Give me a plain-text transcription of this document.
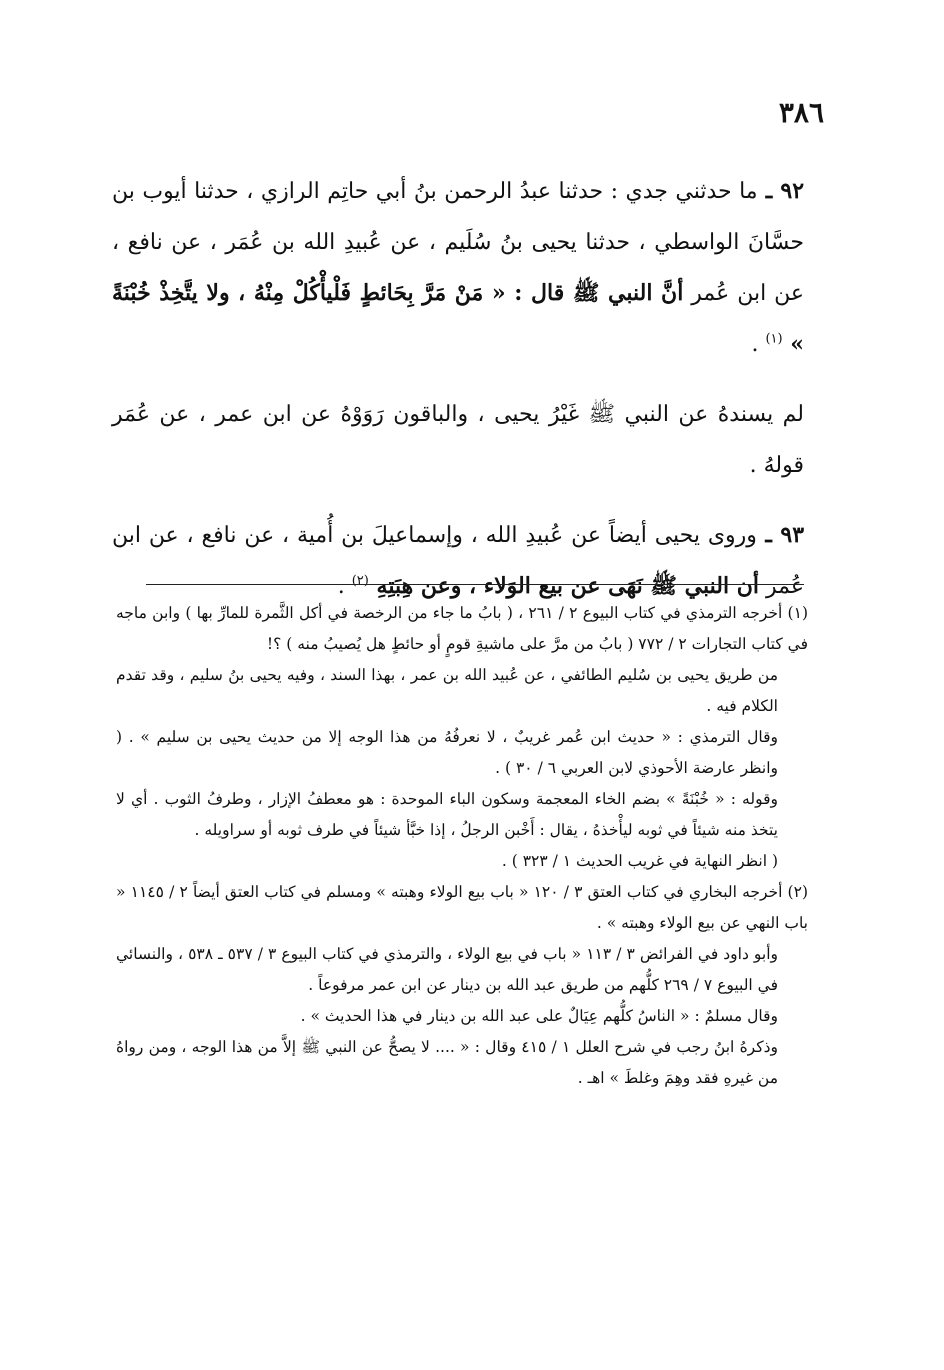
٣٨٦

٩٢ ـ ما حدثني جدي : حدثنا عبدُ الرحمن بنُ أبي حاتِم الرازي ، حدثنا أيوب بن حسَّانَ الواسطي ، حدثنا يحيى بنُ سُلَيم ، عن عُبيدِ الله بن عُمَر ، عن نافع ، عن ابن عُمر أنَّ النبي ﷺ قال : « مَنْ مَرَّ بِحَائطٍ فَلْيأْكُلْ مِنْهُ ، ولا يتَّخِذْ خُبْنَةً » $^{(١)}$ .

لم يسندهُ عن النبي ﷺ غَيْرُ يحيى ، والباقون رَوَوْهُ عن ابن عمر ، عن عُمَر قولهُ .

٩٣ ـ وروى يحيى أيضاً عن عُبيدِ الله ، وإسماعيلَ بن أُمية ، عن نافع ، عن ابن عُمر أن النبي ﷺ نَهَى عن بيع الوَلاء ، وعن هِبَتِهِ $^{(٢)}$ .

(١) أخرجه الترمذي في كتاب البيوع ٢ / ٢٦١ ، ( بابُ ما جاء من الرخصة في أكل الثَّمرة للمارِّ بها ) وابن ماجه في كتاب التجارات ٢ / ٧٧٢ ( بابُ من مرَّ على ماشيةِ قومٍ أو حائطٍ هل يُصيبُ منه ) ؟!

من طريق يحيى بن سُليم الطائفي ، عن عُبيد الله بن عمر ، بهذا السند ، وفيه يحيى بنُ سليم ، وقد تقدم الكلام فيه .

وقال الترمذي : « حديث ابن عُمر غريبٌ ، لا نعرفُهُ من هذا الوجه إلا من حديث يحيى بن سليم » . ( وانظر عارضة الأحوذي لابن العربي ٦ / ٣٠ ) .

وقوله : « خُبْنَةً » بضم الخاء المعجمة وسكون الباء الموحدة : هو معطفُ الإزار ، وطرفُ الثوب . أي لا يتخذ منه شيئاً في ثوبه ليأْخذهُ ، يقال : أَخْبن الرجلُ ، إذا خبَّأ شيئاً في طرف ثوبه أو سراويله .

( انظر النهاية في غريب الحديث ١ / ٣٢٣ ) .

(٢) أخرجه البخاري في كتاب العتق ٣ / ١٢٠ « باب بيع الولاء وهبته » ومسلم في كتاب العتق أيضاً ٢ / ١١٤٥ « باب النهي عن بيع الولاء وهبته » .

وأبو داود في الفرائض ٣ / ١١٣ « باب في بيع الولاء ، والترمذي في كتاب البيوع ٣ / ٥٣٧ ـ ٥٣٨ ، والنسائي في البيوع ٧ / ٢٦٩ كلُّهم من طريق عبد الله بن دينار عن ابن عمر مرفوعاً .

وقال مسلمٌ : « الناسُ كلُّهم عِيَالٌ على عبد الله بن دينار في هذا الحديث » .

وذكرهُ ابنُ رجب في شرح العلل ١ / ٤١٥ وقال : « .... لا يصحُّ عن النبي ﷺ إلاَّ من هذا الوجه ، ومن رواهُ من غيرهِ فقد وهِمَ وغلطَ » اهـ .
